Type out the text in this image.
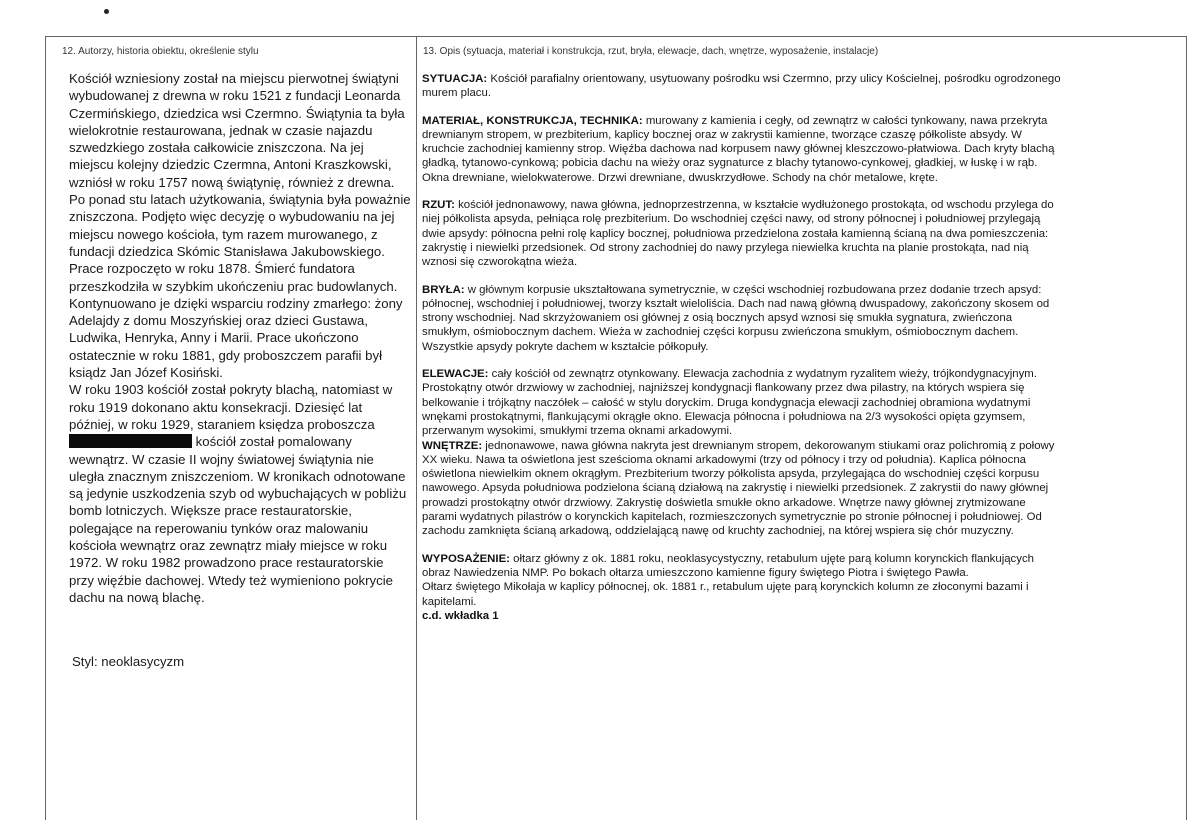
12. Autorzy, historia obiektu, określenie stylu

Kościół wzniesiony został na miejscu pierwotnej świątyni wybudowanej z drewna w roku 1521 z fundacji Leonarda Czermińskiego, dziedzica wsi Czermno. Świątynia ta była wielokrotnie restaurowana, jednak w czasie najazdu szwedzkiego została całkowicie zniszczona. Na jej miejscu kolejny dziedzic Czermna, Antoni Kraszkowski, wzniósł w roku 1757 nową świątynię, również z drewna. Po ponad stu latach użytkowania, świątynia była poważnie zniszczona. Podjęto więc decyzję o wybudowaniu na jej miejscu nowego kościoła, tym razem murowanego, z fundacji dziedzica Skómic Stanisława Jakubowskiego. Prace rozpoczęto w roku 1878. Śmierć fundatora przeszkodziła w szybkim ukończeniu prac budowlanych. Kontynuowano je dzięki wsparciu rodziny zmarłego: żony Adelajdy z domu Moszyńskiej oraz dzieci Gustawa, Ludwika, Henryka, Anny i Marii. Prace ukończono ostatecznie w roku 1881, gdy proboszczem parafii był ksiądz Jan Józef Kosiński.

W roku 1903 kościół został pokryty blachą, natomiast w roku 1919 dokonano aktu konsekracji. Dziesięć lat później, w roku 1929, staraniem księdza proboszcza  kościół został pomalowany wewnątrz. W czasie II wojny światowej świątynia nie uległa znacznym zniszczeniom. W kronikach odnotowane są jedynie uszkodzenia szyb od wybuchających w pobliżu bomb lotniczych. Większe prace restauratorskie, polegające na reperowaniu tynków oraz malowaniu kościoła wewnątrz oraz zewnątrz miały miejsce w roku 1972. W roku 1982 prowadzono prace restauratorskie przy więźbie dachowej. Wtedy też wymieniono pokrycie dachu na nową blachę.

Styl: neoklasycyzm
13. Opis (sytuacja, materiał i konstrukcja, rzut, bryła, elewacje, dach, wnętrze, wyposażenie, instalacje)

SYTUACJA: Kościół parafialny orientowany, usytuowany pośrodku wsi Czermno, przy ulicy Kościelnej, pośrodku ogrodzonego murem placu.

MATERIAŁ, KONSTRUKCJA, TECHNIKA: murowany z kamienia i cegły, od zewnątrz w całości tynkowany, nawa przekryta drewnianym stropem, w prezbiterium, kaplicy bocznej oraz w zakrystii kamienne, tworzące czaszę półkoliste absydy. W kruchcie zachodniej kamienny strop. Więźba dachowa nad korpusem nawy głównej kleszczowo-płatwiowa. Dach kryty blachą gładką, tytanowo-cynkową; pobicia dachu na wieży oraz sygnaturce z blachy tytanowo-cynkowej, gładkiej, w łuskę i w rąb. Okna drewniane, wielokwaterowe. Drzwi drewniane, dwuskrzydłowe. Schody na chór metalowe, kręte.

RZUT: kościół jednonawowy, nawa główna, jednoprzestrzenna, w kształcie wydłużonego prostokąta, od wschodu przylega do niej półkolista apsyda, pełniąca rolę prezbiterium. Do wschodniej części nawy, od strony północnej i południowej przylegają dwie apsydy: północna pełni rolę kaplicy bocznej, południowa przedzielona została kamienną ścianą na dwa pomieszczenia: zakrystię i niewielki przedsionek. Od strony zachodniej do nawy przylega niewielka kruchta na planie prostokąta, nad nią wznosi się czworokątna wieża.

BRYŁA: w głównym korpusie ukształtowana symetrycznie, w części wschodniej rozbudowana przez dodanie trzech apsyd: północnej, wschodniej i południowej, tworzy kształt wieloliścia. Dach nad nawą główną dwuspadowy, zakończony skosem od strony wschodniej. Nad skrzyżowaniem osi głównej z osią bocznych apsyd wznosi się smukła sygnatura, zwieńczona smukłym, ośmiobocznym dachem. Wieża w zachodniej części korpusu zwieńczona smukłym, ośmiobocznym dachem. Wszystkie apsydy pokryte dachem w kształcie półkopuły.

ELEWACJE: cały kościół od zewnątrz otynkowany. Elewacja zachodnia z wydatnym ryzalitem wieży, trójkondygnacyjnym. Prostokątny otwór drzwiowy w zachodniej, najniższej kondygnacji flankowany przez dwa pilastry, na których wspiera się belkowanie i trójkątny naczółek – całość w stylu doryckim. Druga kondygnacja elewacji zachodniej obramiona wydatnymi wnękami prostokątnymi, flankującymi okrągłe okno. Elewacja północna i południowa na 2/3 wysokości opięta gzymsem, przerwanym wysokimi, smukłymi trzema oknami arkadowymi.

WNĘTRZE: jednonawowe, nawa główna nakryta jest drewnianym stropem, dekorowanym stiukami oraz polichromią z połowy XX wieku. Nawa ta oświetlona jest sześcioma oknami arkadowymi (trzy od północy i trzy od południa). Kaplica północna oświetlona niewielkim oknem okrągłym. Prezbiterium tworzy półkolista apsyda, przylegająca do wschodniej części korpusu nawowego. Apsyda południowa podzielona ścianą działową na zakrystię i niewielki przedsionek. Z zakrystii do nawy głównej prowadzi prostokątny otwór drzwiowy. Zakrystię doświetla smukłe okno arkadowe. Wnętrze nawy głównej zrytmizowane parami wydatnych pilastrów o korynckich kapitelach, rozmieszczonych symetrycznie po stronie północnej i południowej. Od zachodu zamknięta ścianą arkadową, oddzielającą nawę od kruchty zachodniej, na której wspiera się chór muzyczny.

WYPOSAŻENIE: ołtarz główny z ok. 1881 roku, neoklasycystyczny, retabulum ujęte parą kolumn korynckich flankujących obraz Nawiedzenia NMP. Po bokach ołtarza umieszczono kamienne figury świętego Piotra i świętego Pawła.

Ołtarz świętego Mikołaja w kaplicy północnej, ok. 1881 r., retabulum ujęte parą korynckich kolumn ze złoconymi bazami i kapitelami.

c.d. wkładka 1
